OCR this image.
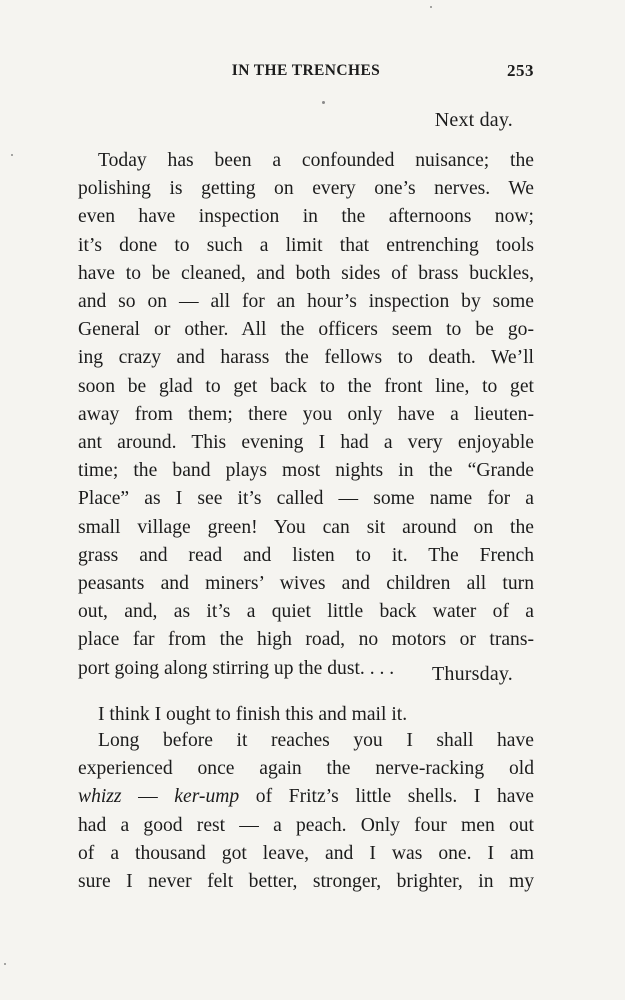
IN THE TRENCHES	253
Next day.

Today has been a confounded nuisance; the
polishing is getting on every one’s nerves. We
even have inspection in the afternoons now;
it’s done to such a limit that entrenching tools
have to be cleaned, and both sides of brass buckles,
and so on — all for an hour’s inspection by some
General or other. All the officers seem to be go-
ing crazy and harass the fellows to death. We’ll
soon be glad to get back to the front line, to get
away from them; there you only have a lieuten-
ant around. This evening I had a very enjoyable
time; the band plays most nights in the “Grande
Place” as I see it’s called — some name for a
small village green! You can sit around on the
grass and read and listen to it. The French
peasants and miners’ wives and children all turn
out, and, as it’s a quiet little back water of a
place far from the high road, no motors or trans-
port going along stirring up the dust. . . .	Thursday.

I think I ought to finish this and mail it.

Long before it reaches you I shall have
experienced once again the nerve-racking old
whizz — ker-ump of Fritz’s little shells. I have
had a good rest — a peach. Only four men out
of a thousand got leave, and I was one. I am
sure I never felt better, stronger, brighter, in my
